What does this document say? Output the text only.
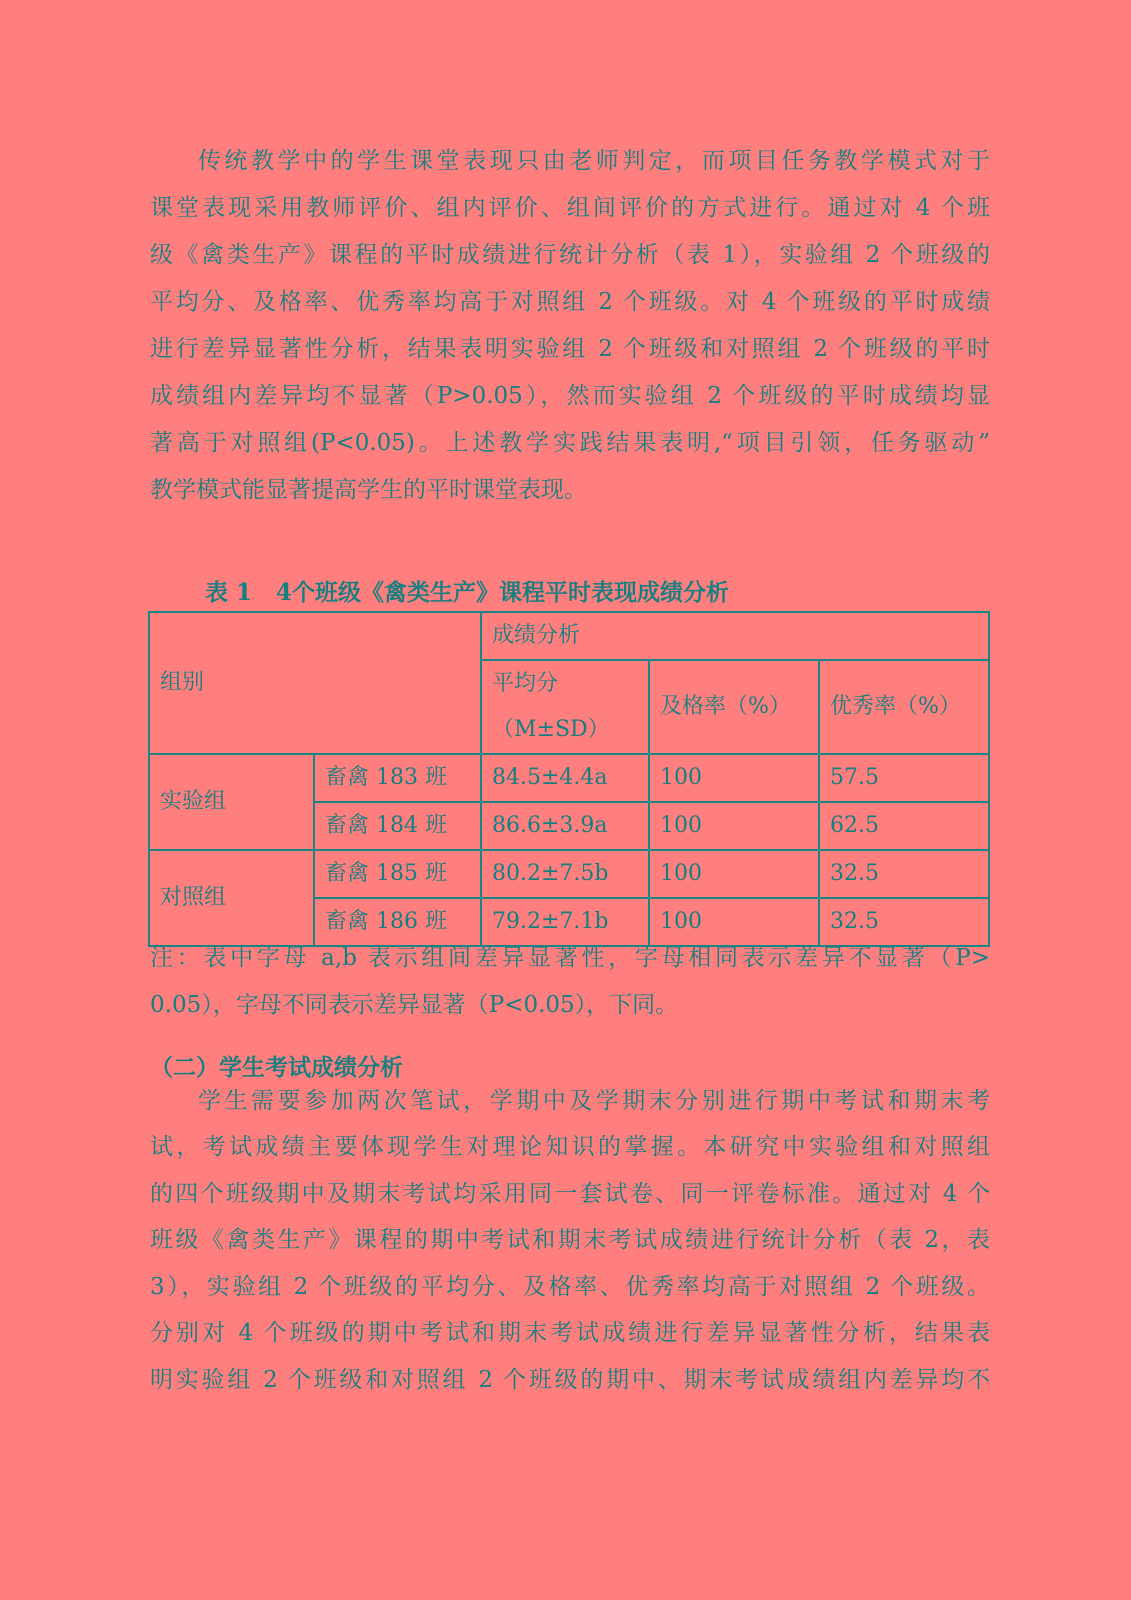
传统教学中的学生课堂表现只由老师判定，而项目任务教学模式对于
课堂表现采用教师评价、组内评价、组间评价的方式进行。通过对 4 个班
级《禽类生产》课程的平时成绩进行统计分析（表 1），实验组 2 个班级的
平均分、及格率、优秀率均高于对照组 2 个班级。对 4 个班级的平时成绩
进行差异显著性分析，结果表明实验组 2 个班级和对照组 2 个班级的平时
成绩组内差异均不显著（P>0.05），然而实验组 2 个班级的平时成绩均显
著高于对照组(P<0.05)。上述教学实践结果表明,“项目引领，任务驱动”
教学模式能显著提高学生的平时课堂表现。
表 1   4个班级《禽类生产》课程平时表现成绩分析
组别		成绩分析		
		平均分（M±SD）	及格率（%）	优秀率（%）
实验组	畜禽 183 班	84.5±4.4a	100	57.5
	畜禽 184 班	86.6±3.9a	100	62.5
对照组	畜禽 185 班	80.2±7.5b	100	32.5
	畜禽 186 班	79.2±7.1b	100	32.5
注：表中字母 a,b 表示组间差异显著性，字母相同表示差异不显著（P>
0.05），字母不同表示差异显著（P<0.05），下同。
（二）学生考试成绩分析
学生需要参加两次笔试，学期中及学期末分别进行期中考试和期末考
试，考试成绩主要体现学生对理论知识的掌握。本研究中实验组和对照组
的四个班级期中及期末考试均采用同一套试卷、同一评卷标准。通过对 4 个
班级《禽类生产》课程的期中考试和期末考试成绩进行统计分析（表 2，表
3），实验组 2 个班级的平均分、及格率、优秀率均高于对照组 2 个班级。
分别对 4 个班级的期中考试和期末考试成绩进行差异显著性分析，结果表
明实验组 2 个班级和对照组 2 个班级的期中、期末考试成绩组内差异均不
